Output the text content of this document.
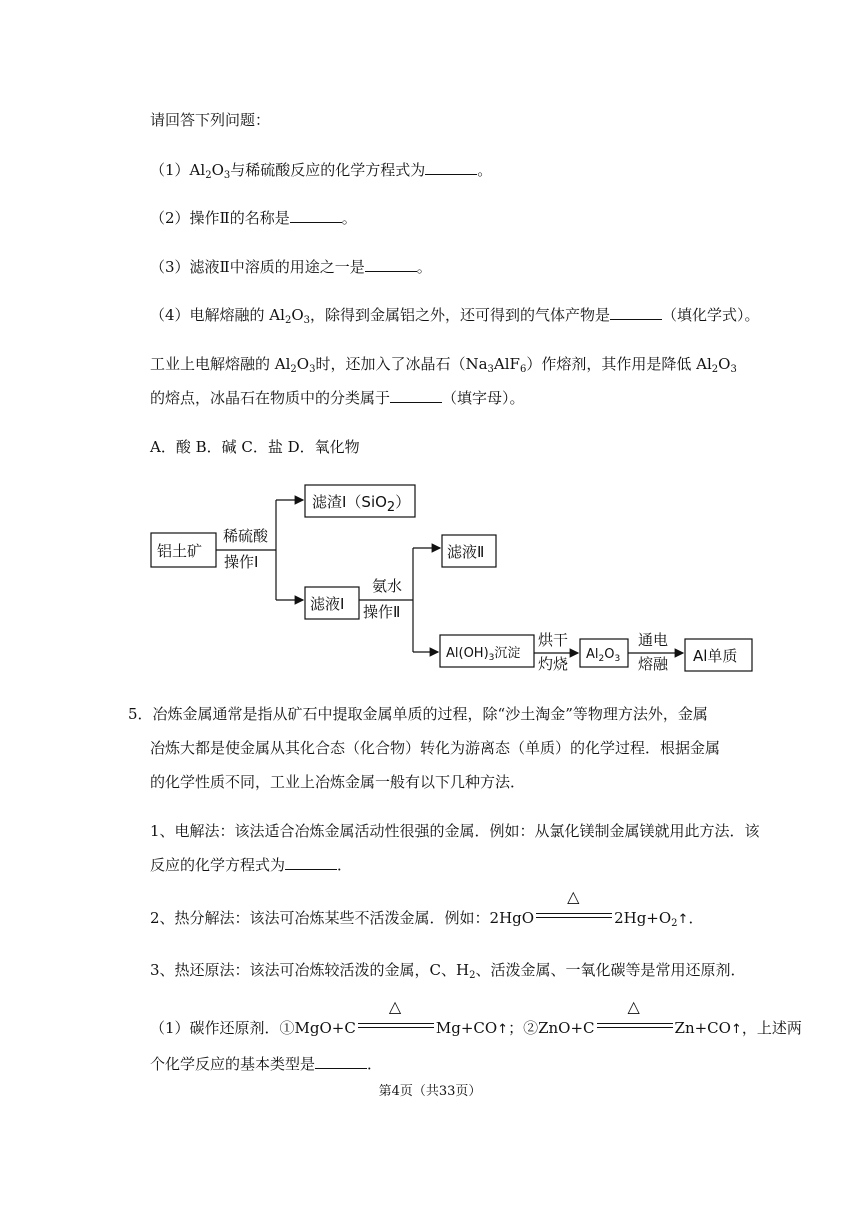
请回答下列问题：
$(1)Al_2O_3$与稀硫酸反应的化学方程式为	。
（2）操作Ⅱ的名称是	。
（3）滤液Ⅱ中溶质的用途之一是	。
（4）电解熔融的 $Al_2O_3$，除得到金属铝之外，还可得到的气体产物是	（填化学式）。
工业上电解熔融的 $Al_2O_3$时，还加入了冰晶石$(Na_3AlF_6)$作熔剂，其作用是降低 $Al_2O_3$
的熔点，冰晶石在物质中的分类属于	（填字母）。
A．酸 B．碱 C．盐 D．氧化物
铝土矿
稀硫酸
操作Ⅰ
滤渣Ⅰ（SiO2）
滤液Ⅰ
氨水
操作Ⅱ
滤液Ⅱ
$Al(OH)_3$沉淀
烘干
灼烧
$Al_2O_3$
通电
熔融 Al单质
5．冶炼金属通常是指从矿石中提取金属单质的过程，除“沙土淘金”等物理方法外，金属
冶炼大都是使金属从其化合态（化合物）转化为游离态（单质）的化学过程．根据金属
的化学性质不同，工业上冶炼金属一般有以下几种方法．
1、电解法：该法适合冶炼金属活动性很强的金属．例如：从氯化镁制金属镁就用此方法．该
反应的化学方程式为	．
2、热分解法：该法可冶炼某些不活泼金属．例如：2HgO
△
$2Hg+O_2↑$．
3、热还原法：该法可冶炼较活泼的金属，C、$H_2$、活泼金属、一氧化碳等是常用还原剂．
（1）碳作还原剂．①MgO+C
△
Mg+CO↑；②ZnO+C
△
Zn+CO↑，上述两
个化学反应的基本类型是	．
第4页（共33页）
